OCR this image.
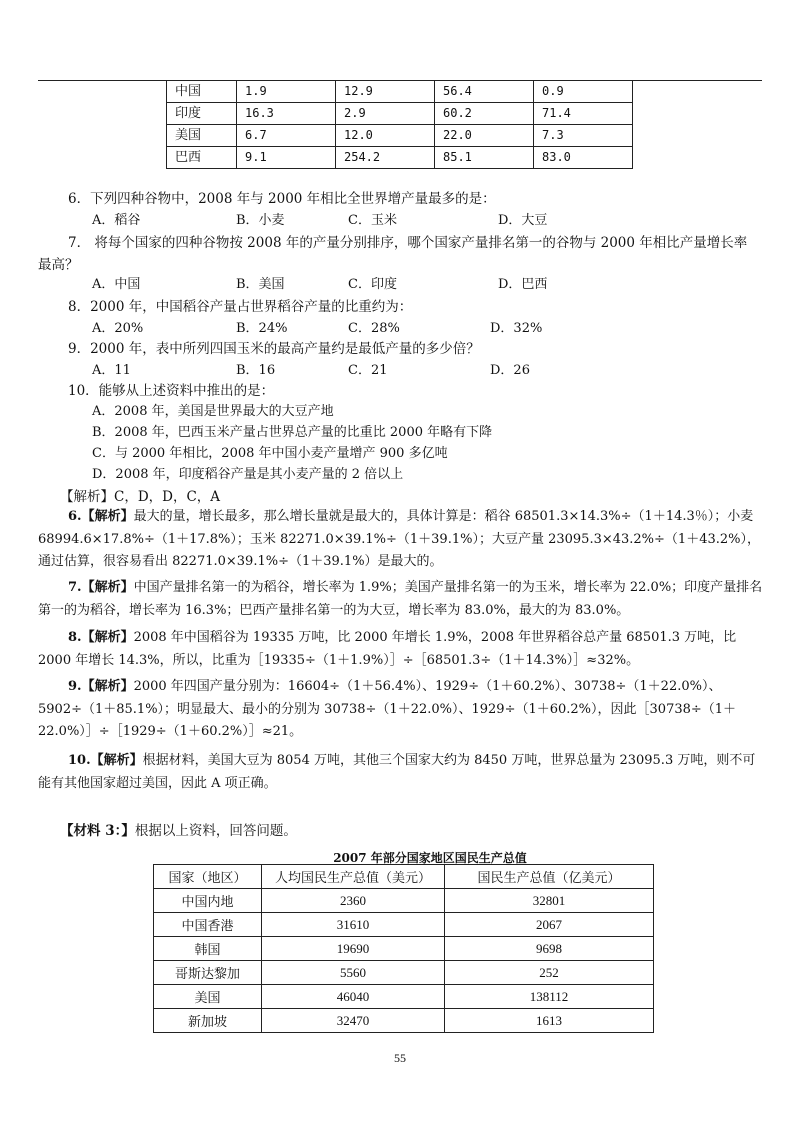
中国	1.9	12.9	56.4	0.9
印度	16.3	2.9	60.2	71.4
美国	6.7	12.0	22.0	7.3
巴西	9.1	254.2	85.1	83.0
6．下列四种谷物中，2008 年与 2000 年相比全世界增产量最多的是：
A．稻谷	B．小麦	C．玉米	D．大豆
7． 将每个国家的四种谷物按 2008 年的产量分别排序，哪个国家产量排名第一的谷物与 2000 年相比产量增长率
最高？
A．中国	B．美国	C．印度	D．巴西
8．2000 年，中国稻谷产量占世界稻谷产量的比重约为：
A．20%	B．24%	C．28%	D．32%
9．2000 年，表中所列四国玉米的最高产量约是最低产量的多少倍？
A．11	B．16	C．21	D．26
10．能够从上述资料中推出的是：
A．2008 年，美国是世界最大的大豆产地
B．2008 年，巴西玉米产量占世界总产量的比重比 2000 年略有下降
C．与 2000 年相比，2008 年中国小麦产量增产 900 多亿吨
D．2008 年，印度稻谷产量是其小麦产量的 2 倍以上
【解析】C，D，D，C，A
6.【解析】最大的量，增长最多，那么增长量就是最大的，具体计算是：稻谷 68501.3×14.3%÷（1＋14.3％）；小麦 68994.6×17.8%÷（1＋17.8%）；玉米 82271.0×39.1%÷（1＋39.1%）；大豆产量 23095.3×43.2%÷（1＋43.2%），通过估算，很容易看出 82271.0×39.1%÷（1＋39.1%）是最大的。
7.【解析】中国产量排名第一的为稻谷，增长率为 1.9%；美国产量排名第一的为玉米，增长率为 22.0%；印度产量排名第一的为稻谷，增长率为 16.3%；巴西产量排名第一的为大豆，增长率为 83.0%，最大的为 83.0%。
8.【解析】2008 年中国稻谷为 19335 万吨，比 2000 年增长 1.9%，2008 年世界稻谷总产量 68501.3 万吨，比 2000 年增长 14.3%，所以，比重为［19335÷（1＋1.9%）］÷［68501.3÷（1＋14.3%）］≈32%。
9.【解析】2000 年四国产量分别为：16604÷（1＋56.4%）、1929÷（1＋60.2%）、30738÷（1＋22.0%）、5902÷（1＋85.1%）；明显最大、最小的分别为 30738÷（1＋22.0%）、1929÷（1＋60.2%），因此［30738÷（1＋22.0%）］÷［1929÷（1＋60.2%）］≈21。
10.【解析】根据材料，美国大豆为 8054 万吨，其他三个国家大约为 8450 万吨，世界总量为 23095.3 万吨，则不可能有其他国家超过美国，因此 A 项正确。
【材料 3：】根据以上资料，回答问题。
2007 年部分国家地区国民生产总值
国家（地区）	人均国民生产总值（美元）	国民生产总值（亿美元）
中国内地	2360	32801
中国香港	31610	2067
韩国	19690	9698
哥斯达黎加	5560	252
美国	46040	138112
新加坡	32470	1613
55
